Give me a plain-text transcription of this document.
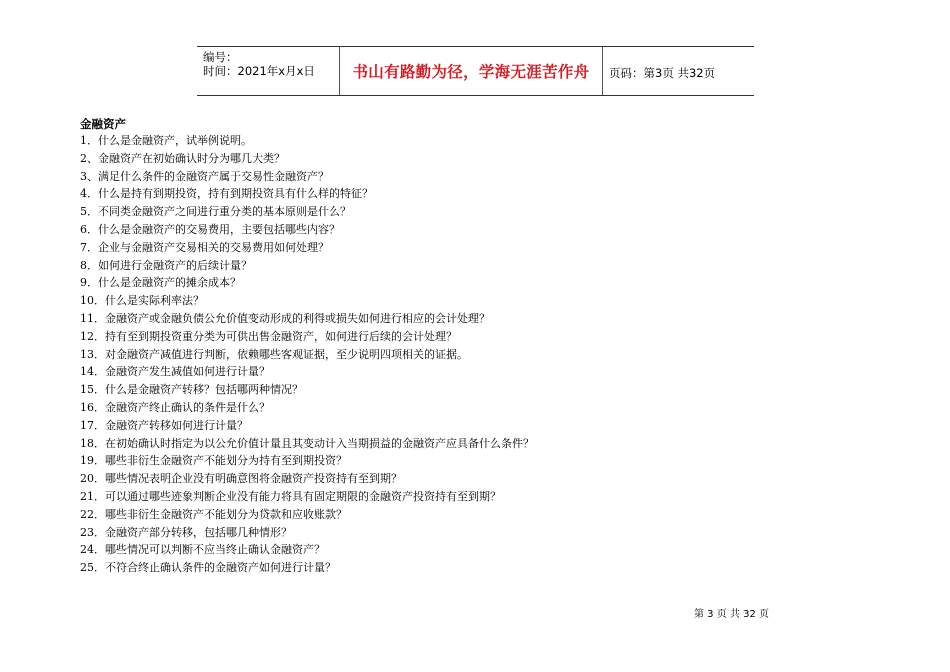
编号：
时间：2021年x月x日	书山有路勤为径，学海无涯苦作舟	页码：第3页 共32页
金融资产
1．什么是金融资产，试举例说明。
2、金融资产在初始确认时分为哪几大类？
3、满足什么条件的金融资产属于交易性金融资产？
4．什么是持有到期投资，持有到期投资具有什么样的特征？
5．不同类金融资产之间进行重分类的基本原则是什么？
6．什么是金融资产的交易费用，主要包括哪些内容？
7．企业与金融资产交易相关的交易费用如何处理？
8．如何进行金融资产的后续计量？
9．什么是金融资产的摊余成本？
10．什么是实际利率法？
11．金融资产或金融负债公允价值变动形成的利得或损失如何进行相应的会计处理？
12．持有至到期投资重分类为可供出售金融资产，如何进行后续的会计处理？
13．对金融资产减值进行判断，依赖哪些客观证据，至少说明四项相关的证据。
14．金融资产发生减值如何进行计量？
15．什么是金融资产转移？包括哪两种情况？
16．金融资产终止确认的条件是什么？
17．金融资产转移如何进行计量？
18．在初始确认时指定为以公允价值计量且其变动计入当期损益的金融资产应具备什么条件？
19．哪些非衍生金融资产不能划分为持有至到期投资？
20．哪些情况表明企业没有明确意图将金融资产投资持有至到期？
21．可以通过哪些迹象判断企业没有能力将具有固定期限的金融资产投资持有至到期？
22．哪些非衍生金融资产不能划分为贷款和应收账款？
23．金融资产部分转移，包括哪几种情形？
24．哪些情况可以判断不应当终止确认金融资产？
25．不符合终止确认条件的金融资产如何进行计量？
第 3 页 共 32 页
